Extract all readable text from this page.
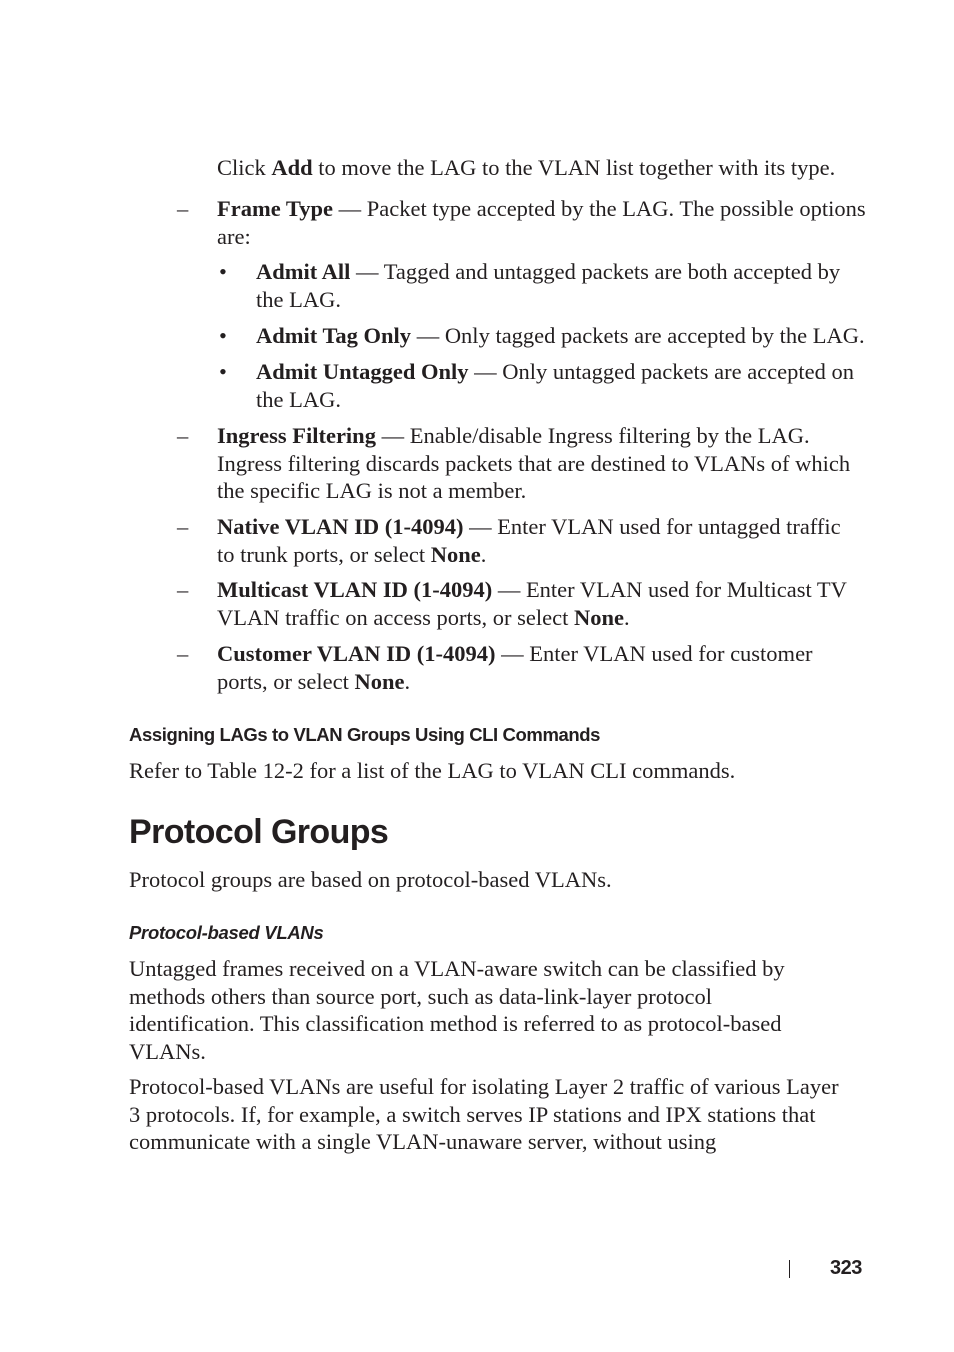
Click Add to move the LAG to the VLAN list together with its type.

– Frame Type — Packet type accepted by the LAG. The possible options
are:

• Admit All — Tagged and untagged packets are both accepted by
the LAG.

• Admit Tag Only — Only tagged packets are accepted by the LAG.

• Admit Untagged Only — Only untagged packets are accepted on
the LAG.

– Ingress Filtering — Enable/disable Ingress filtering by the LAG.
Ingress filtering discards packets that are destined to VLANs of which
the specific LAG is not a member.

– Native VLAN ID (1-4094) — Enter VLAN used for untagged traffic
to trunk ports, or select None.

– Multicast VLAN ID (1-4094) — Enter VLAN used for Multicast TV
VLAN traffic on access ports, or select None.

– Customer VLAN ID (1-4094) — Enter VLAN used for customer
ports, or select None.

Assigning LAGs to VLAN Groups Using CLI Commands

Refer to Table 12-2 for a list of the LAG to VLAN CLI commands.

Protocol Groups

Protocol groups are based on protocol-based VLANs.

Protocol-based VLANs

Untagged frames received on a VLAN-aware switch can be classified by
methods others than source port, such as data-link-layer protocol
identification. This classification method is referred to as protocol-based
VLANs.

Protocol-based VLANs are useful for isolating Layer 2 traffic of various Layer
3 protocols. If, for example, a switch serves IP stations and IPX stations that
communicate with a single VLAN-unaware server, without using

323
